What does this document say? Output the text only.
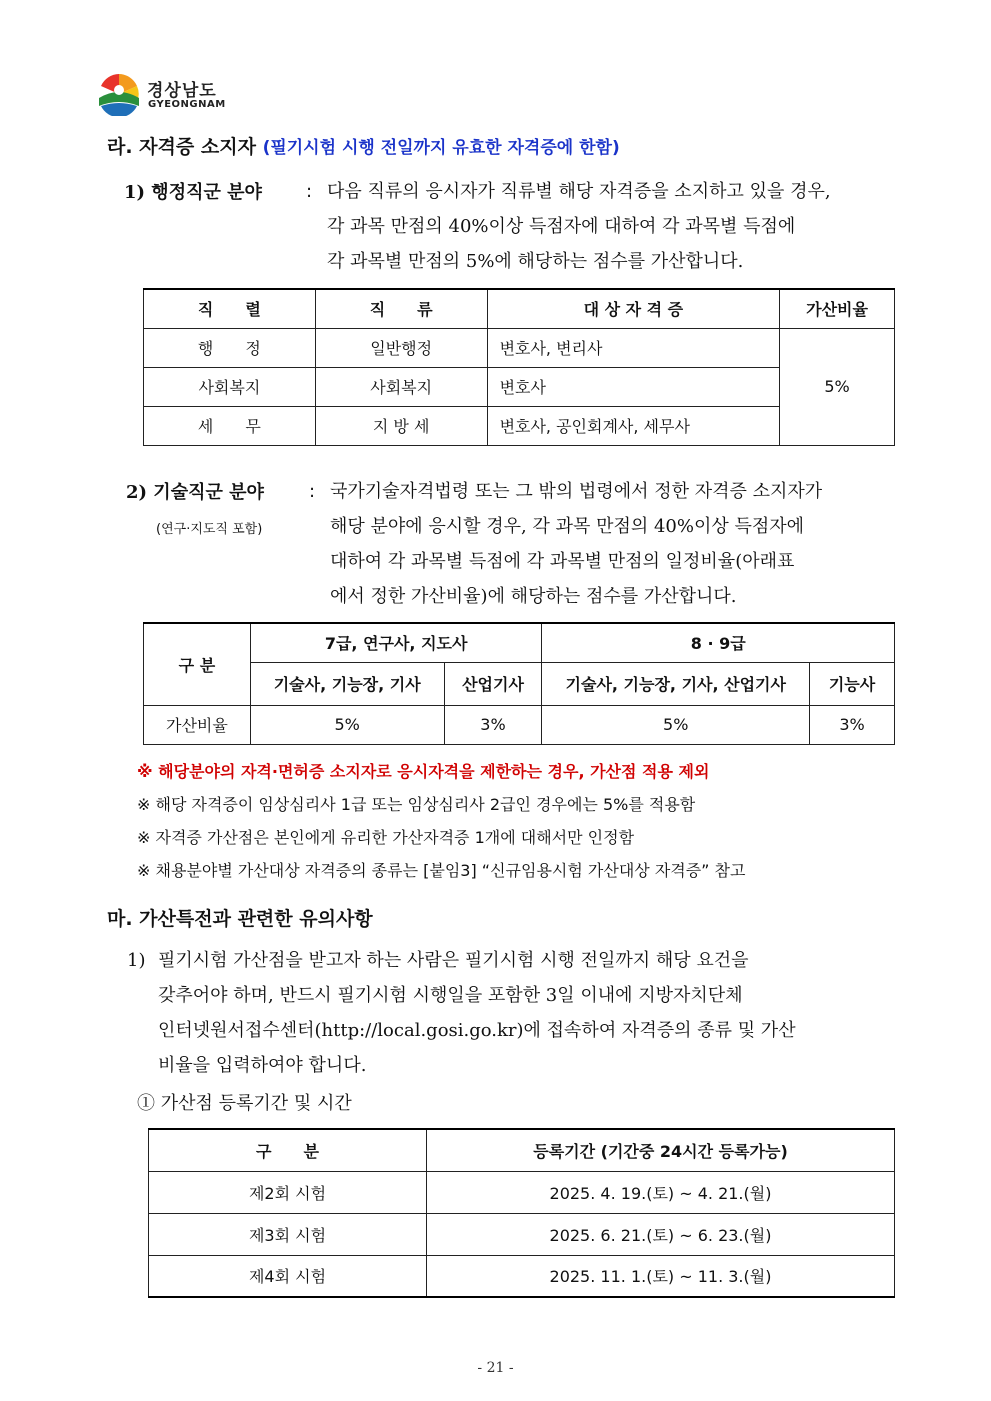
경상남도
GYEONGNAM
라. 자격증 소지자 (필기시험 시행 전일까지 유효한 자격증에 한함)
1) 행정직군 분야 : 다음 직류의 응시자가 직류별 해당 자격증을 소지하고 있을 경우,
각 과목 만점의 40%이상 득점자에 대하여 각 과목별 득점에
각 과목별 만점의 5%에 해당하는 점수를 가산합니다.
직　　렬	직　　류	대 상 자 격 증	가산비율
행　　정	일반행정	변호사, 변리사	5%
사회복지	사회복지	변호사	
세　　무	지 방 세	변호사, 공인회계사, 세무사	
2) 기술직군 분야	:
(연구·지도직 포함)
국가기술자격법령 또는 그 밖의 법령에서 정한 자격증 소지자가
해당 분야에 응시할 경우, 각 과목 만점의 40%이상 득점자에
대하여 각 과목별 득점에 각 과목별 만점의 일정비율(아래표
에서 정한 가산비율)에 해당하는 점수를 가산합니다.
구 분	7급, 연구사, 지도사		8 · 9급	
	기술사, 기능장, 기사	산업기사	기술사, 기능장, 기사, 산업기사	기능사
가산비율	5%	3%	5%	3%
※ 해당분야의 자격·면허증 소지자로 응시자격을 제한하는 경우, 가산점 적용 제외
※ 해당 자격증이 임상심리사 1급 또는 임상심리사 2급인 경우에는 5%를 적용함
※ 자격증 가산점은 본인에게 유리한 가산자격증 1개에 대해서만 인정함
※ 채용분야별 가산대상 자격증의 종류는 [붙임3] “신규임용시험 가산대상 자격증” 참고
마. 가산특전과 관련한 유의사항
1) 필기시험 가산점을 받고자 하는 사람은 필기시험 시행 전일까지 해당 요건을
갖추어야 하며, 반드시 필기시험 시행일을 포함한 3일 이내에 지방자치단체
인터넷원서접수센터(http://local.gosi.go.kr)에 접속하여 자격증의 종류 및 가산
비율을 입력하여야 합니다.
① 가산점 등록기간 및 시간
구　　분	등록기간 (기간중 24시간 등록가능)
제2회 시험	2025. 4. 19.(토) ~ 4. 21.(월)
제3회 시험	2025. 6. 21.(토) ~ 6. 23.(월)
제4회 시험	2025. 11. 1.(토) ~ 11. 3.(월)
- 21 -
